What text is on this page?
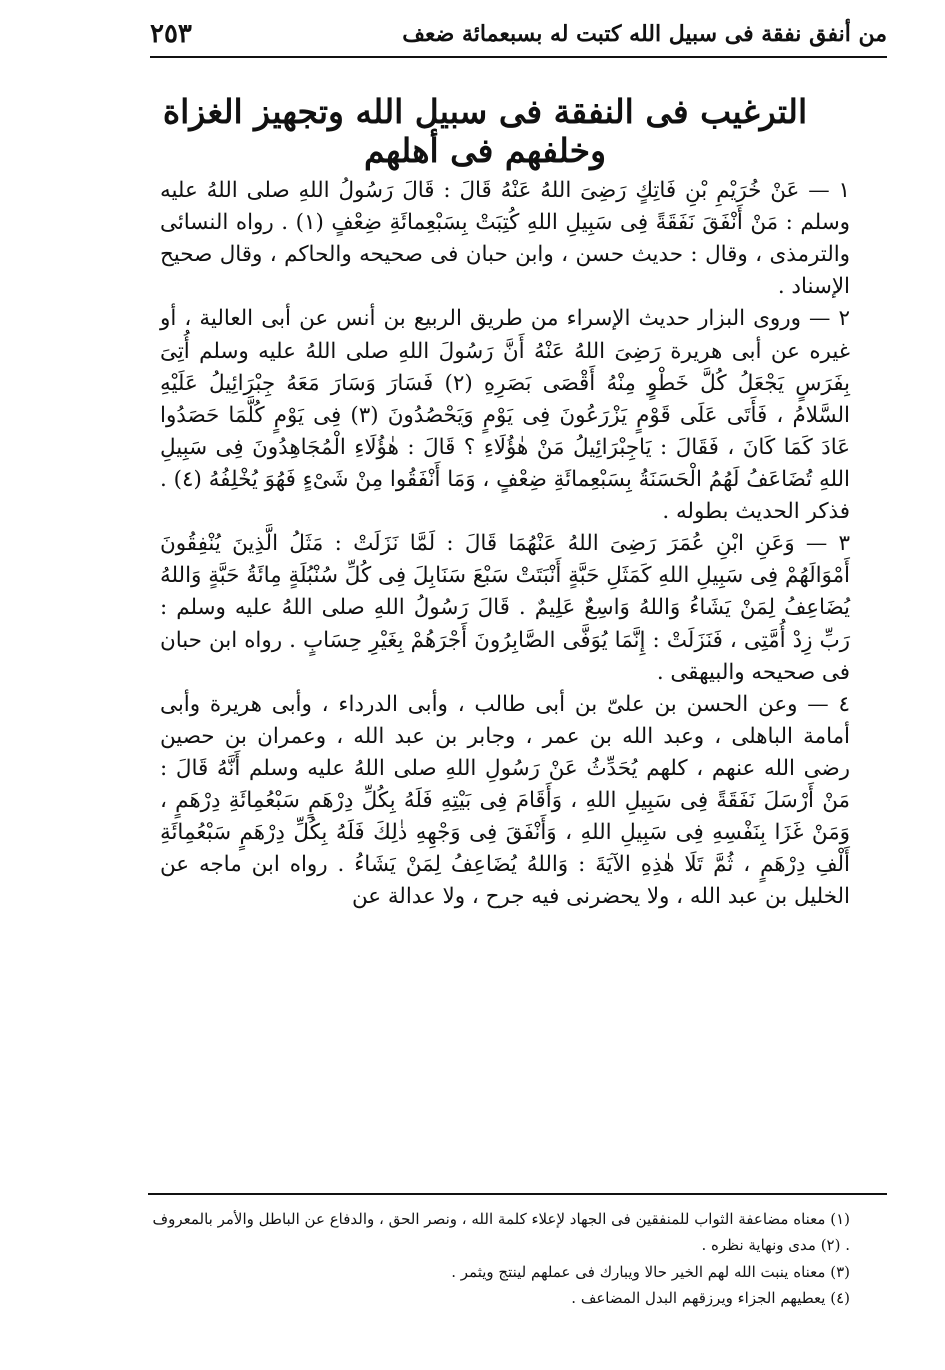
من أنفق نفقة فى سبيل الله كتبت له بسبعمائة ضعف
٢٥٣
الترغيب فى النفقة فى سبيل الله وتجهيز الغزاة وخلفهم فى أهلهم

١ — عَنْ خُرَيْمِ بْنِ فَاتِكٍ رَضِىَ اللهُ عَنْهُ قَالَ : قَالَ رَسُولُ اللهِ صلى اللهُ عليه وسلم : مَنْ أَنْفَقَ نَفَقَةً فِى سَبِيلِ اللهِ كُتِبَتْ بِسَبْعِمائَةِ ضِعْفٍ (١) . رواه النسائى والترمذى ، وقال : حديث حسن ، وابن حبان فى صحيحه والحاكم ، وقال صحيح الإسناد .

٢ — وروى البزار حديث الإسراء من طريق الربيع بن أنس عن أبى العالية ، أو غيره عن أبى هريرة رَضِىَ اللهُ عَنْهُ أَنَّ رَسُولَ اللهِ صلى اللهُ عليه وسلم أُتِىَ بِفَرَسٍ يَجْعَلُ كُلَّ خَطْوٍ مِنْهُ أَقْصَى بَصَرِهِ (٢) فَسَارَ وَسَارَ مَعَهُ جِبْرَائِيلُ عَلَيْهِ السَّلامُ ، فَأَتَى عَلَى قَوْمٍ يَزْرَعُونَ فِى يَوْمٍ وَيَحْصُدُونَ (٣) فِى يَوْمٍ كُلَّمَا حَصَدُوا عَادَ كَمَا كَانَ ، فَقَالَ : يَاجِبْرَائِيلُ مَنْ هٰؤُلَاءِ ؟ قَالَ : هٰؤُلَاءِ الْمُجَاهِدُونَ فِى سَبِيلِ اللهِ تُضَاعَفُ لَهُمُ الْحَسَنَةُ بِسَبْعِمائَةِ ضِعْفٍ ، وَمَا أَنْفَقُوا مِنْ شَىْءٍ فَهُوَ يُخْلِفُهُ (٤) . فذكر الحديث بطوله .

٣ — وَعَنِ ابْنِ عُمَرَ رَضِىَ اللهُ عَنْهُمَا قَالَ : لَمَّا نَزَلَتْ : مَثَلُ الَّذِينَ يُنْفِقُونَ أَمْوَالَهُمْ فِى سَبِيلِ اللهِ كَمَثَلِ حَبَّةٍ أَنْبَتَتْ سَبْعَ سَنَابِلَ فِى كُلِّ سُنْبُلَةٍ مِائَةُ حَبَّةٍ وَاللهُ يُضَاعِفُ لِمَنْ يَشَاءُ وَاللهُ وَاسِعٌ عَلِيمٌ . قَالَ رَسُولُ اللهِ صلى اللهُ عليه وسلم : رَبِّ زِدْ أُمَّتِى ، فَنَزَلَتْ : إِنَّمَا يُوَفَّى الصَّابِرُونَ أَجْرَهُمْ بِغَيْرِ حِسَابٍ . رواه ابن حبان فى صحيحه والبيهقى .

٤ — وعن الحسن بن علىّ بن أبى طالب ، وأبى الدرداء ، وأبى هريرة وأبى أمامة الباهلى ، وعبد الله بن عمر ، وجابر بن عبد الله ، وعمران بن حصين رضى الله عنهم ، كلهم يُحَدِّثُ عَنْ رَسُولِ اللهِ صلى اللهُ عليه وسلم أَنَّهُ قَالَ : مَنْ أَرْسَلَ نَفَقَةً فِى سَبِيلِ اللهِ ، وَأَقَامَ فِى بَيْتِهِ فَلَهُ بِكُلِّ دِرْهَمٍ سَبْعُمِائَةِ دِرْهَمٍ ، وَمَنْ غَزَا بِنَفْسِهِ فِى سَبِيلِ اللهِ ، وَأَنْفَقَ فِى وَجْهِهِ ذٰلِكَ فَلَهُ بِكُلِّ دِرْهَمٍ سَبْعُمِائَةِ أَلْفِ دِرْهَمٍ ، ثُمَّ تَلَا هٰذِهِ الآيَةَ : وَاللهُ يُضَاعِفُ لِمَنْ يَشَاءُ . رواه ابن ماجه عن الخليل بن عبد الله ، ولا يحضرنى فيه جرح ، ولا عدالة عن

(١) معناه مضاعفة الثواب للمنفقين فى الجهاد لإعلاء كلمة الله ، ونصر الحق ، والدفاع عن الباطل والأمر بالمعروف . (٢) مدى ونهاية نظره .

(٣) معناه ينبت الله لهم الخير حالا ويبارك فى عملهم لينتج ويثمر .

(٤) يعطيهم الجزاء ويرزقهم البدل المضاعف .
